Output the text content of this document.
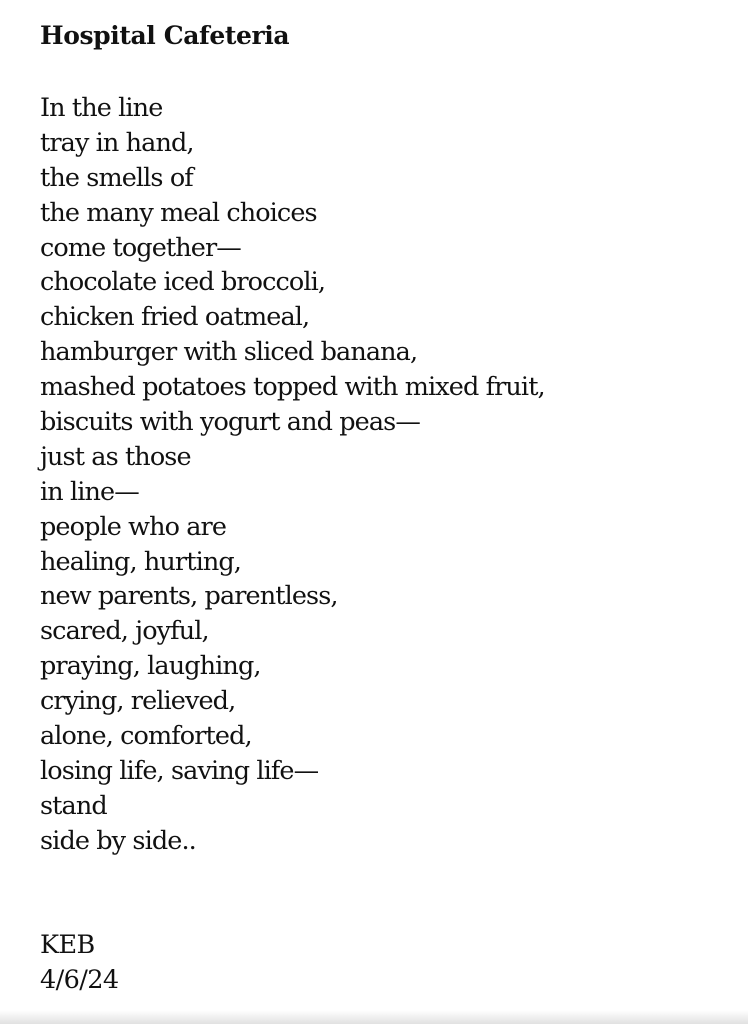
Hospital Cafeteria
In the line
tray in hand,
the smells of
the many meal choices
come together—
chocolate iced broccoli,
chicken fried oatmeal,
hamburger with sliced banana,
mashed potatoes topped with mixed fruit,
biscuits with yogurt and peas—
just as those
in line—
people who are
healing, hurting,
new parents, parentless,
scared, joyful,
praying, laughing,
crying, relieved,
alone, comforted,
losing life, saving life—
stand
side by side..
KEB
4/6/24
